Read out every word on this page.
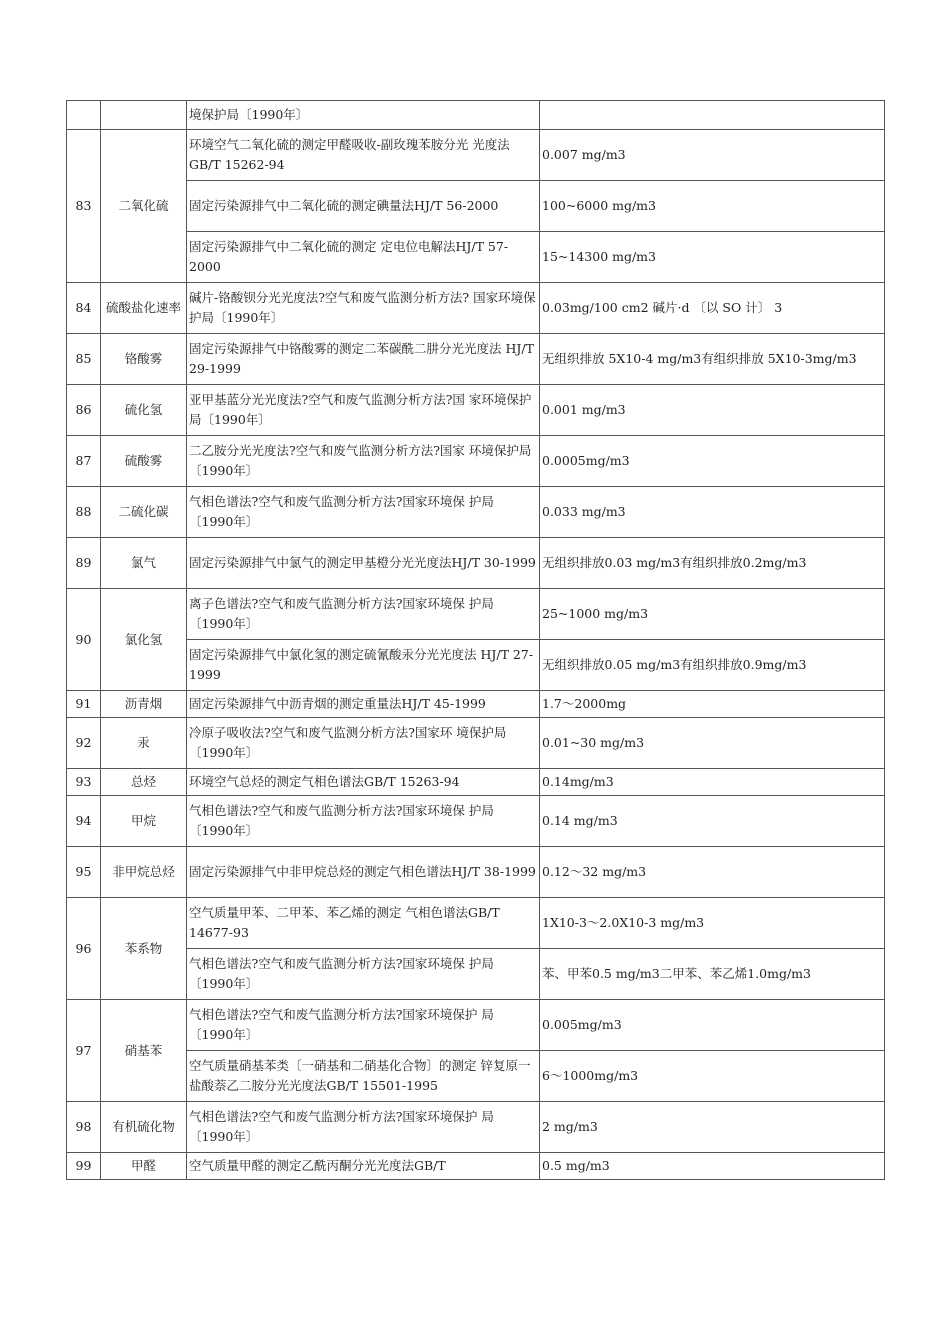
		境保护局〔1990年〕	
83	二氧化硫	环境空气二氧化硫的测定甲醛吸收-副玫瑰苯胺分光 光度法 GB/T 15262-94	0.007 mg/m3
		固定污染源排气中二氧化硫的测定碘量法HJ/T 56-2000	100~6000 mg/m3
		固定污染源排气中二氧化硫的测定 定电位电解法HJ/T 57-2000	15~14300 mg/m3
84	硫酸盐化速率	碱片-铬酸钡分光光度法?空气和废气监测分析方法? 国家环境保护局〔1990年〕	0.03mg/100 cm2 碱片·d 〔以 SO 计〕 3
85	铬酸雾	固定污染源排气中铬酸雾的测定二苯碳酰二肼分光光度法 HJ/T 29-1999	无组织排放 5X10-4 mg/m3有组织排放 5X10-3mg/m3
86	硫化氢	亚甲基蓝分光光度法?空气和废气监测分析方法?国 家环境保护局〔1990年〕	0.001 mg/m3
87	硫酸雾	二乙胺分光光度法?空气和废气监测分析方法?国家 环境保护局〔1990年〕	0.0005mg/m3
88	二硫化碳	气相色谱法?空气和废气监测分析方法?国家环境保 护局〔1990年〕	0.033 mg/m3
89	氯气	固定污染源排气中氯气的测定甲基橙分光光度法HJ/T 30-1999	无组织排放0.03 mg/m3有组织排放0.2mg/m3
90	氯化氢	离子色谱法?空气和废气监测分析方法?国家环境保 护局〔1990年〕	25~1000 mg/m3
		固定污染源排气中氯化氢的测定硫氰酸汞分光光度法 HJ/T 27-1999	无组织排放0.05 mg/m3有组织排放0.9mg/m3
91	沥青烟	固定污染源排气中沥青烟的测定重量法HJ/T 45-1999	1.7〜2000mg
92	汞	冷原子吸收法?空气和废气监测分析方法?国家环 境保护局〔1990年〕	0.01~30 mg/m3
93	总烃	环境空气总烃的测定气相色谱法GB/T 15263-94	0.14mg/m3
94	甲烷	气相色谱法?空气和废气监测分析方法?国家环境保 护局〔1990年〕	0.14 mg/m3
95	非甲烷总烃	固定污染源排气中非甲烷总烃的测定气相色谱法HJ/T 38-1999	0.12〜32 mg/m3
96	苯系物	空气质量甲苯、二甲苯、苯乙烯的测定 气相色谱法GB/T 14677-93	1X10-3〜2.0X10-3 mg/m3
		气相色谱法?空气和废气监测分析方法?国家环境保 护局〔1990年〕	苯、甲苯0.5 mg/m3二甲苯、苯乙烯1.0mg/m3
97	硝基苯	气相色谱法?空气和废气监测分析方法?国家环境保护 局〔1990年〕	0.005mg/m3
		空气质量硝基苯类〔一硝基和二硝基化合物〕的测定 锌复原一盐酸萘乙二胺分光光度法GB/T 15501-1995	6〜1000mg/m3
98	有机硫化物	气相色谱法?空气和废气监测分析方法?国家环境保护 局〔1990年〕	2 mg/m3
99	甲醛	空气质量甲醛的测定乙酰丙酮分光光度法GB/T	0.5 mg/m3
